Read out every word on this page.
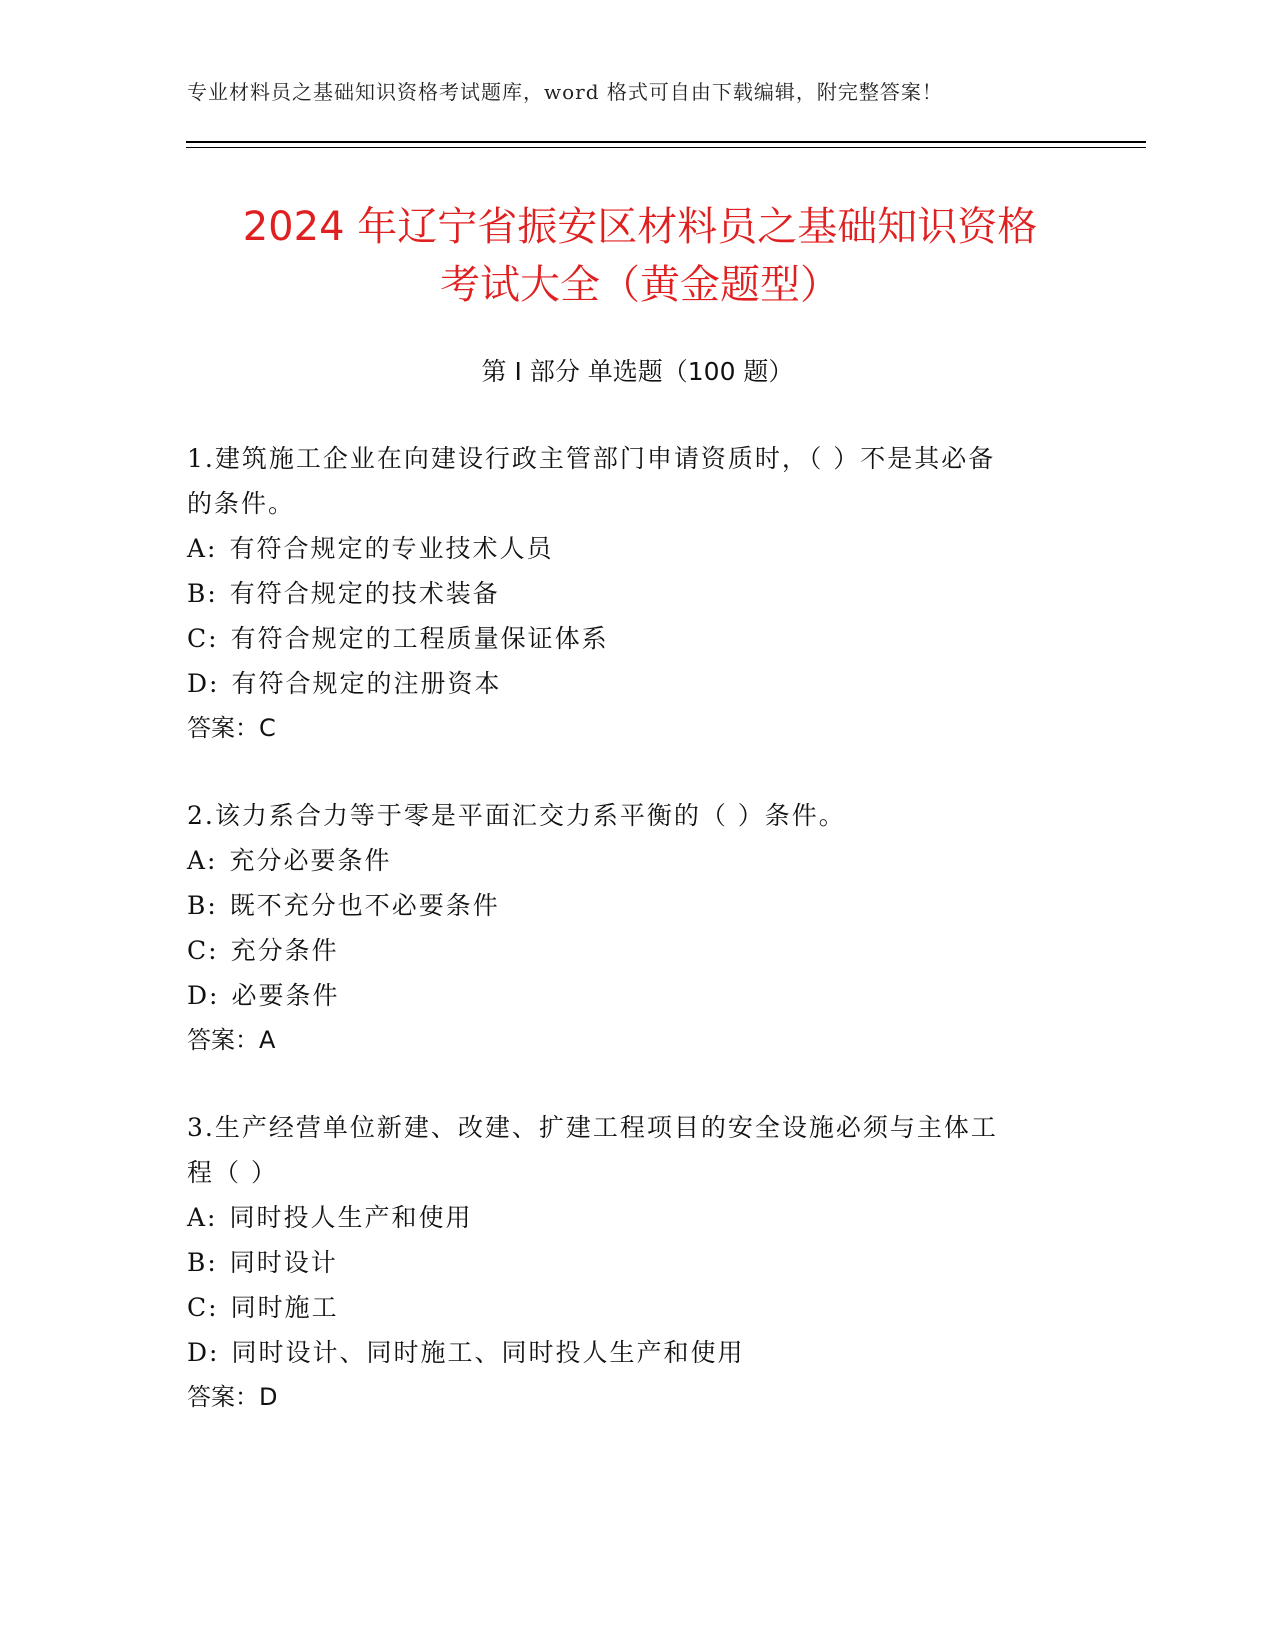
专业材料员之基础知识资格考试题库，word 格式可自由下载编辑，附完整答案！
2024 年辽宁省振安区材料员之基础知识资格
考试大全（黄金题型）
第 I 部分 单选题（100 题）
1.建筑施工企业在向建设行政主管部门申请资质时，（ ）不是其必备
的条件。
A: 有符合规定的专业技术人员
B: 有符合规定的技术装备
C: 有符合规定的工程质量保证体系
D: 有符合规定的注册资本
答案：C
2.该力系合力等于零是平面汇交力系平衡的（ ）条件。
A: 充分必要条件
B: 既不充分也不必要条件
C: 充分条件
D: 必要条件
答案：A
3.生产经营单位新建、改建、扩建工程项目的安全设施必须与主体工
程（ ）
A: 同时投人生产和使用
B: 同时设计
C: 同时施工
D: 同时设计、同时施工、同时投人生产和使用
答案：D
